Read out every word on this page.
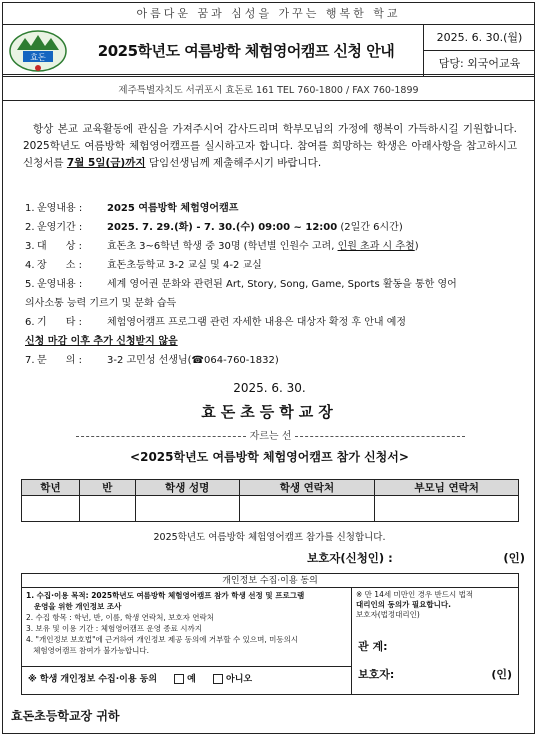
아름다운 꿈과 심성을 가꾸는 행복한 학교
효돈	2025학년도 여름방학 체험영어캠프 신청 안내
2025. 6. 30.(월)
담당: 외국어교육
제주특별자치도 서귀포시 효돈로 161 TEL 760-1800 / FAX 760-1899
항상 본교 교육활동에 관심을 가져주시어 감사드리며 학부모님의 가정에 행복이 가득하시길 기원합니다. 2025학년도 여름방학 체험영어캠프를 실시하고자 합니다. 참여를 희망하는 학생은 아래사항을 참고하시고 신청서를 7월 5일(금)까지 담임선생님께 제출해주시기 바랍니다.
1. 운영내용 :	2025 여름방학 체험영어캠프
2. 운영기간 :	2025. 7. 29.(화) - 7. 30.(수) 09:00 ~ 12:00 (2일간 6시간)
3. 대      상 :	효돈초 3~6학년 학생 중 30명 (학년별 인원수 고려, 인원 초과 시 추첨)
4. 장      소 :	효돈초등학교 3-2 교실 및 4-2 교실
5. 운영내용 :	세계 영어권 문화와 관련된 Art, Story, Song, Game, Sports 활동을 통한 영어
의사소통 능력 기르기 및 문화 습득
6. 기      타 :	체험영어캠프 프로그램 관련 자세한 내용은 대상자 확정 후 안내 예정
신청 마감 이후 추가 신청받지 않음
7. 문      의 :	3-2 고민성 선생님(☎064-760-1832)
2025. 6. 30.
효돈초등학교장
자르는 선
<2025학년도 여름방학 체험영어캠프 참가 신청서>
학년	반	학생 성명	학생 연락처	부모님 연락처

2025학년도 여름방학 체험영어캠프 참가를 신청합니다.
보호자(신청인) :	(인)
개인정보 수집·이용 동의
1. 수집·이용 목적: 2025학년도 여름방학 체험영어캠프 참가 학생 선정 및 프로그램
운영을 위한 개인정보 조사
2. 수집 항목 : 학년, 반, 이름, 학생 연락처, 보호자 연락처
3. 보유 및 이용 기간 : 체험영어캠프 운영 종료 시까지
4. "개인정보 보호법"에 근거하여 개인정보 제공 동의에 거부할 수 있으며, 미동의시
체험영어캠프 참여가 불가능합니다.
※ 학생 개인정보 수집·이용 동의	예	아니오
※ 만 14세 미만인 경우 반드시 법적
대리인의 동의가 필요합니다.
보호자(법정대리인)
관 계:
보호자:	(인)
효돈초등학교장 귀하
